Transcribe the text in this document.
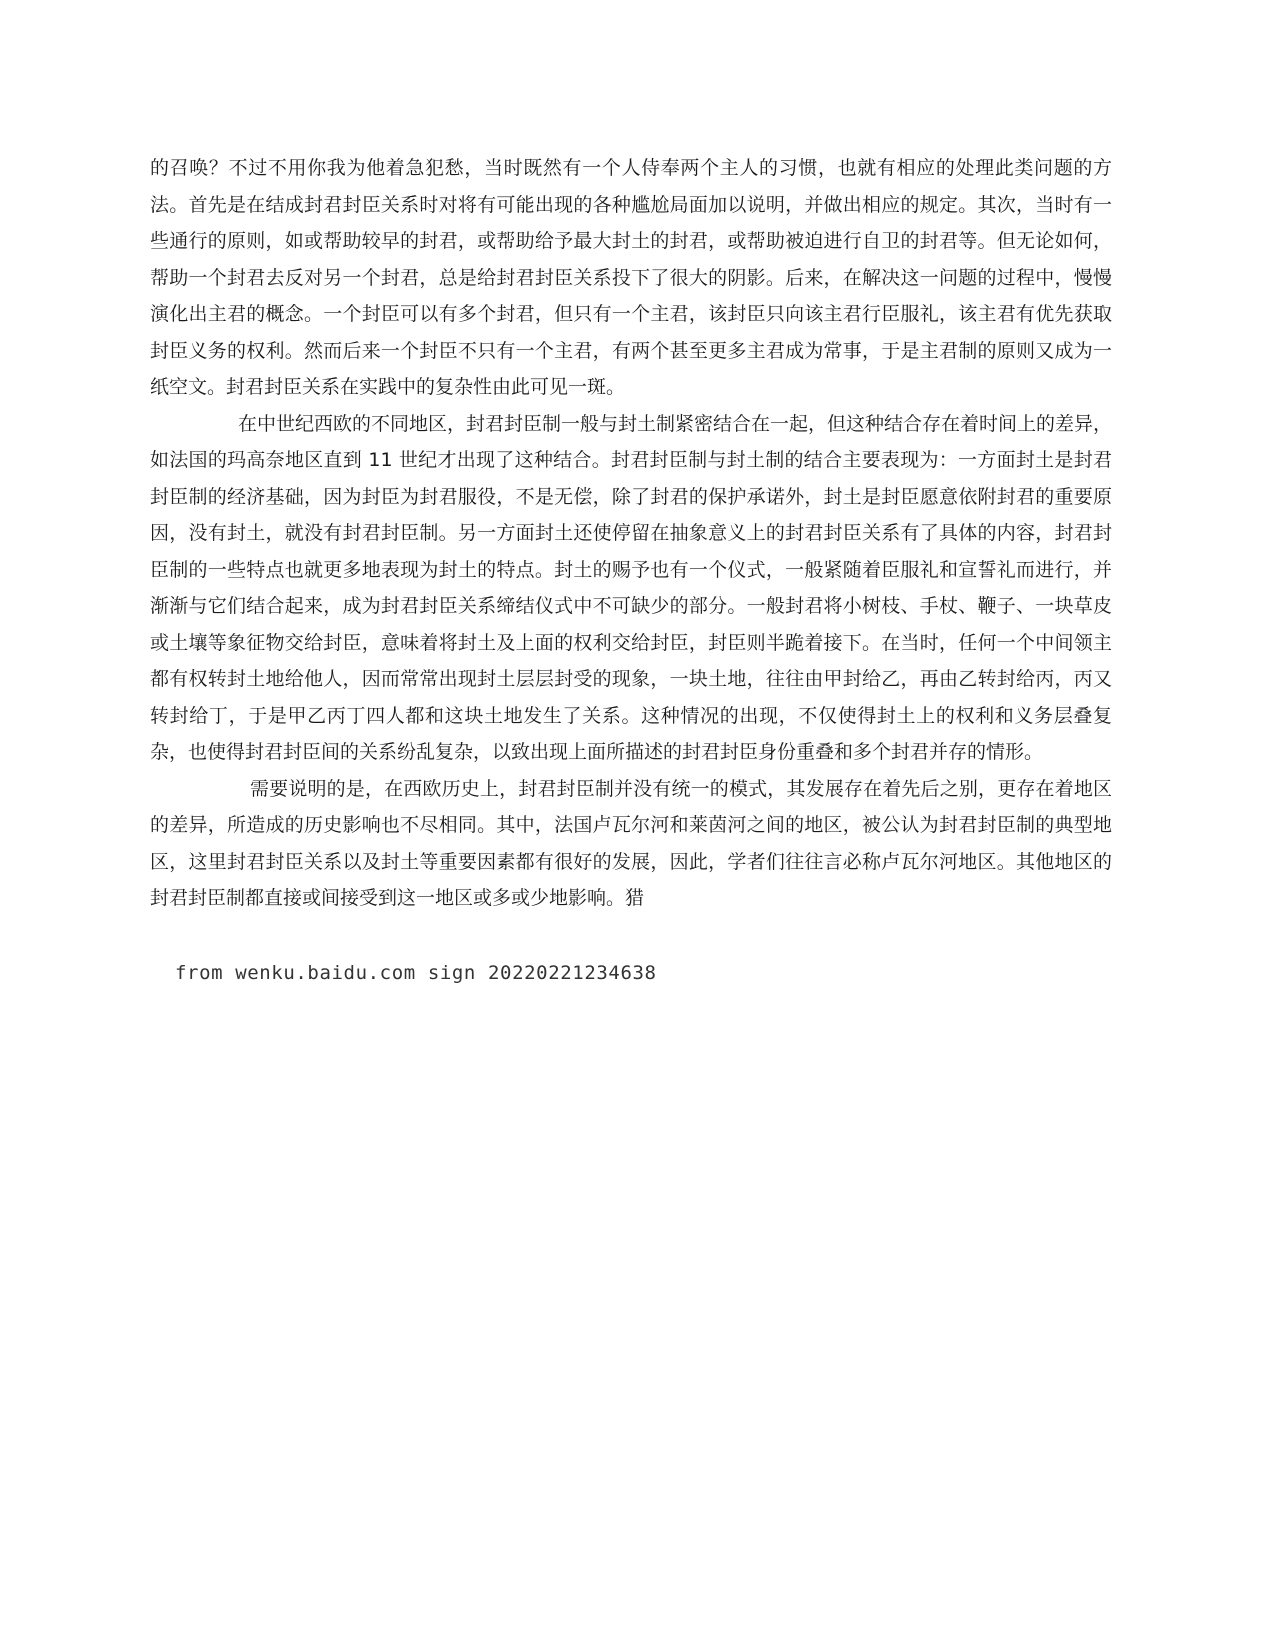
的召唤？不过不用你我为他着急犯愁，当时既然有一个人侍奉两个主人的习惯，也就有相应的处理此类问题的方法。首先是在结成封君封臣关系时对将有可能出现的各种尴尬局面加以说明，并做出相应的规定。其次，当时有一些通行的原则，如或帮助较早的封君，或帮助给予最大封土的封君，或帮助被迫进行自卫的封君等。但无论如何，帮助一个封君去反对另一个封君，总是给封君封臣关系投下了很大的阴影。后来，在解决这一问题的过程中，慢慢演化出主君的概念。一个封臣可以有多个封君，但只有一个主君，该封臣只向该主君行臣服礼，该主君有优先获取封臣义务的权利。然而后来一个封臣不只有一个主君，有两个甚至更多主君成为常事，于是主君制的原则又成为一纸空文。封君封臣关系在实践中的复杂性由此可见一斑。

在中世纪西欧的不同地区，封君封臣制一般与封土制紧密结合在一起，但这种结合存在着时间上的差异，如法国的玛高奈地区直到 11 世纪才出现了这种结合。封君封臣制与封土制的结合主要表现为：一方面封土是封君封臣制的经济基础，因为封臣为封君服役，不是无偿，除了封君的保护承诺外，封土是封臣愿意依附封君的重要原因，没有封土，就没有封君封臣制。另一方面封土还使停留在抽象意义上的封君封臣关系有了具体的内容，封君封臣制的一些特点也就更多地表现为封土的特点。封土的赐予也有一个仪式，一般紧随着臣服礼和宣誓礼而进行，并渐渐与它们结合起来，成为封君封臣关系缔结仪式中不可缺少的部分。一般封君将小树枝、手杖、鞭子、一块草皮或土壤等象征物交给封臣，意味着将封土及上面的权利交给封臣，封臣则半跪着接下。在当时，任何一个中间领主都有权转封土地给他人，因而常常出现封土层层封受的现象，一块土地，往往由甲封给乙，再由乙转封给丙，丙又转封给丁，于是甲乙丙丁四人都和这块土地发生了关系。这种情况的出现，不仅使得封土上的权利和义务层叠复杂，也使得封君封臣间的关系纷乱复杂，以致出现上面所描述的封君封臣身份重叠和多个封君并存的情形。

需要说明的是，在西欧历史上，封君封臣制并没有统一的模式，其发展存在着先后之别，更存在着地区的差异，所造成的历史影响也不尽相同。其中，法国卢瓦尔河和莱茵河之间的地区，被公认为封君封臣制的典型地区，这里封君封臣关系以及封土等重要因素都有很好的发展，因此，学者们往往言必称卢瓦尔河地区。其他地区的封君封臣制都直接或间接受到这一地区或多或少地影响。猎

from wenku.baidu.com sign 20220221234638
